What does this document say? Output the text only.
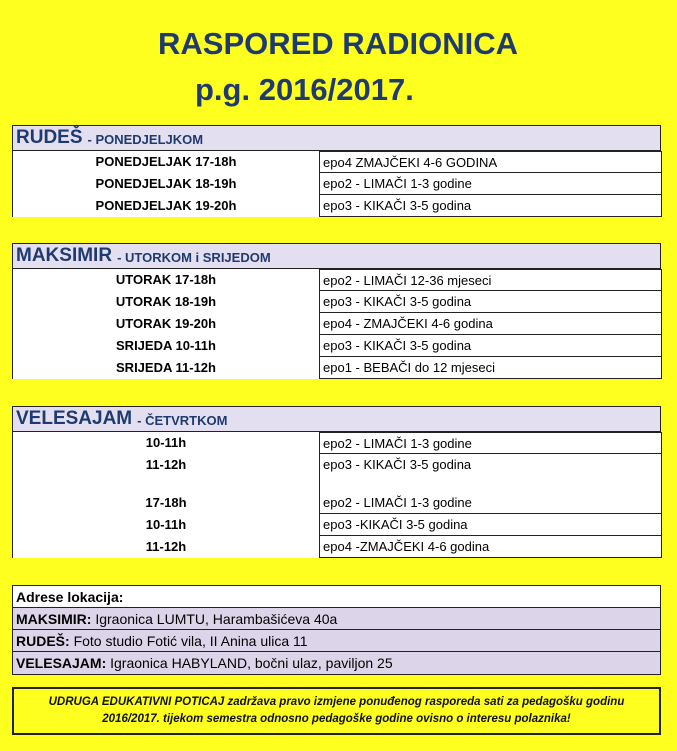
RASPORED RADIONICA
p.g. 2016/2017.
RUDEŠ - PONEDJELJKOM
PONEDJELJAK 17-18h	epo4 ZMAJČEKI 4-6 GODINA
PONEDJELJAK 18-19h	epo2 - LIMAČI 1-3 godine
PONEDJELJAK 19-20h	epo3 - KIKAČI 3-5 godina
MAKSIMIR - UTORKOM i SRIJEDOM
UTORAK 17-18h	epo2 - LIMAČI 12-36 mjeseci
UTORAK 18-19h	epo3 - KIKAČI 3-5 godina
UTORAK 19-20h	epo4 - ZMAJČEKI 4-6 godina
SRIJEDA 10-11h	epo3 - KIKAČI 3-5 godina
SRIJEDA 11-12h	epo1 - BEBAČI do 12 mjeseci
VELESAJAM - ČETVRTKOM
10-11h	epo2 - LIMAČI 1-3 godine
11-12h	epo3 - KIKAČI 3-5 godina
17-18h	epo2 - LIMAČI 1-3 godine
10-11h	epo3 -KIKAČI 3-5 godina
11-12h	epo4 -ZMAJČEKI 4-6 godina
Adrese lokacija:
MAKSIMIR: Igraonica LUMTU, Harambašićeva 40a
RUDEŠ: Foto studio Fotić vila, II Anina ulica 11
VELESAJAM: Igraonica HABYLAND, bočni ulaz, paviljon 25
UDRUGA EDUKATIVNI POTICAJ zadržava pravo izmjene ponuđenog rasporeda sati za pedagošku godinu
2016/2017. tijekom semestra odnosno pedagoške godine ovisno o interesu polaznika!
